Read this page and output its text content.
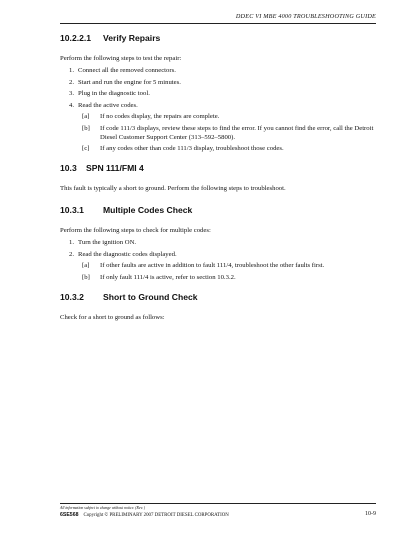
DDEC VI MBE 4000 TROUBLESHOOTING GUIDE
10.2.2.1	Verify Repairs

Perform the following steps to test the repair:

1. Connect all the removed connectors.
2. Start and run the engine for 5 minutes.
3. Plug in the diagnostic tool.
4. Read the active codes.
[a]	If no codes display, the repairs are complete.
[b]	If code 111/3 displays, review these steps to find the error. If you cannot find the error, call the Detroit Diesel Customer Support Center (313–592–5800).
[c]	If any codes other than code 111/3 display, troubleshoot those codes.
10.3	SPN 111/FMI 4

This fault is typically a short to ground. Perform the following steps to troubleshoot.

10.3.1	Multiple Codes Check

Perform the following steps to check for multiple codes:

1. Turn the ignition ON.
2. Read the diagnostic codes displayed.
[a]	If other faults are active in addition to fault 111/4, troubleshoot the other faults first.
[b]	If only fault 111/4 is active, refer to section 10.3.2.
10.3.2	Short to Ground Check

Check for a short to ground as follows:

All information subject to change without notice. (Rev. )
6SE568 Copyright © PRELIMINARY 2007 DETROIT DIESEL CORPORATION	10-9
